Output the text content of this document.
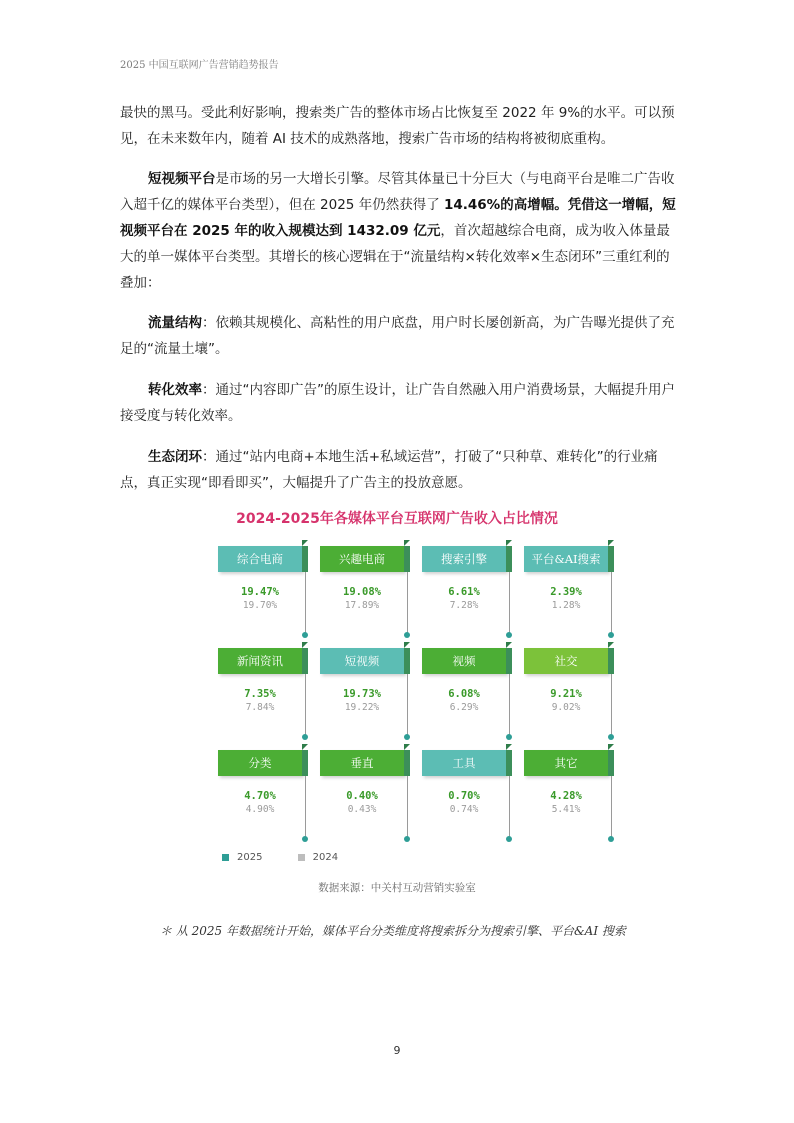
2025 中国互联网广告营销趋势报告

最快的黑马。受此利好影响，搜索类广告的整体市场占比恢复至 2022 年 9%的水平。可以预见，在未来数年内，随着 AI 技术的成熟落地，搜索广告市场的结构将被彻底重构。

短视频平台是市场的另一大增长引擎。尽管其体量已十分巨大（与电商平台是唯二广告收入超千亿的媒体平台类型），但在 2025 年仍然获得了 14.46%的高增幅。凭借这一增幅，短视频平台在 2025 年的收入规模达到 1432.09 亿元，首次超越综合电商，成为收入体量最大的单一媒体平台类型。其增长的核心逻辑在于“流量结构×转化效率×生态闭环”三重红利的叠加：

流量结构：依赖其规模化、高粘性的用户底盘，用户时长屡创新高，为广告曝光提供了充足的“流量土壤”。

转化效率：通过“内容即广告”的原生设计，让广告自然融入用户消费场景，大幅提升用户接受度与转化效率。

生态闭环：通过“站内电商+本地生活+私域运营”，打破了“只种草、难转化”的行业痛点，真正实现“即看即买”，大幅提升了广告主的投放意愿。

2024-2025年各媒体平台互联网广告收入占比情况
综合电商
19.47%
19.70%
兴趣电商
19.08%
17.89%
搜索引擎
6.61%
7.28%
平台&AI搜索
2.39%
1.28%
新闻资讯
7.35%
7.84%
短视频
19.73%
19.22%
视频
6.08%
6.29%
社交
9.21%
9.02%
分类
4.70%
4.90%
垂直
0.40%
0.43%
工具
0.70%
0.74%
其它
4.28%
5.41%
2025	2024
数据来源：中关村互动营销实验室
＊ 从 2025 年数据统计开始，媒体平台分类维度将搜索拆分为搜索引擎、平台&AI 搜索
9
